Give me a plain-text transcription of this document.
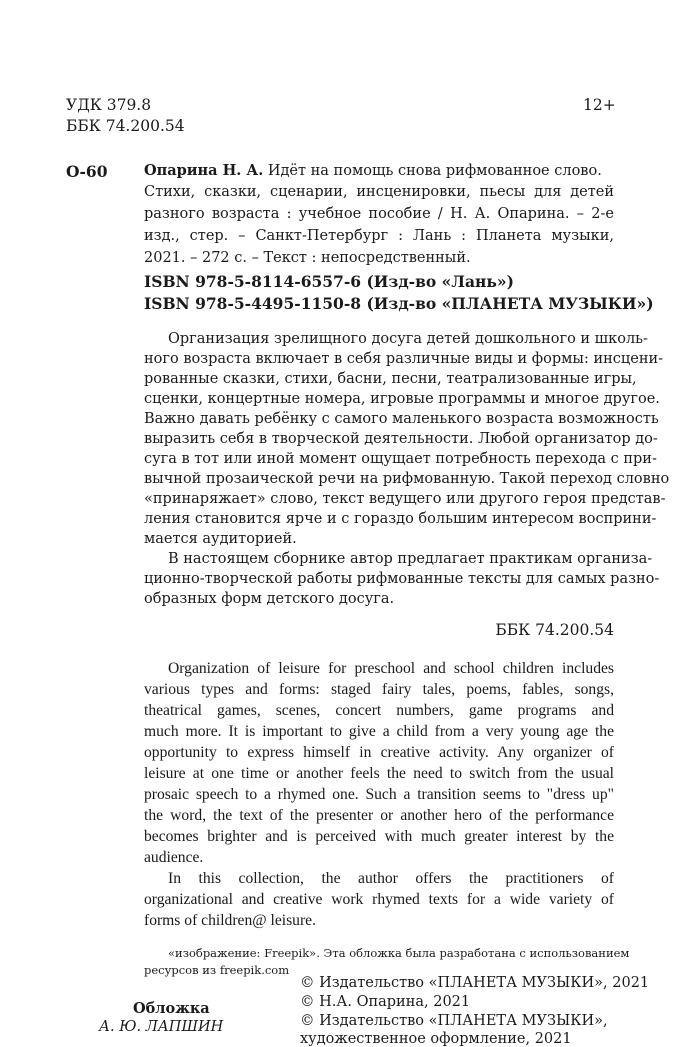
УДК 379.8
ББК 74.200.54
12+
О-60	Опарина Н. А. Идёт на помощь снова рифмованное слово.
Стихи, сказки, сценарии, инсценировки, пьесы для детей
разного возраста : учебное пособие / Н. А. Опарина. – 2-е
изд., стер. – Санкт-Петербург : Лань : Планета музыки,
2021. – 272 с. – Текст : непосредственный.
ISBN 978-5-8114-6557-6 (Изд-во «Лань»)
ISBN 978-5-4495-1150-8 (Изд-во «ПЛАНЕТА МУЗЫКИ»)
Организация зрелищного досуга детей дошкольного и школь-
ного возраста включает в себя различные виды и формы: инсцени-
рованные сказки, стихи, басни, песни, театрализованные игры,
сценки, концертные номера, игровые программы и многое другое.
Важно давать ребёнку с самого маленького возраста возможность
выразить себя в творческой деятельности. Любой организатор до-
суга в тот или иной момент ощущает потребность перехода с при-
вычной прозаической речи на рифмованную. Такой переход словно
«принаряжает» слово, текст ведущего или другого героя представ-
ления становится ярче и с гораздо большим интересом восприни-
мается аудиторией.
В настоящем сборнике автор предлагает практикам организа-
ционно-творческой работы рифмованные тексты для самых разно-
образных форм детского досуга.
ББК 74.200.54
Organization of leisure for preschool and school children includes
various types and forms: staged fairy tales, poems, fables, songs,
theatrical games, scenes, concert numbers, game programs and
much more. It is important to give a child from a very young age the
opportunity to express himself in creative activity. Any organizer of
leisure at one time or another feels the need to switch from the usual
prosaic speech to a rhymed one. Such a transition seems to "dress up"
the word, the text of the presenter or another hero of the performance
becomes brighter and is perceived with much greater interest by the
audience.
In this collection, the author offers the practitioners of
organizational and creative work rhymed texts for a wide variety of
forms of children@ leisure.
«изображение: Freepik». Эта обложка была разработана с использованием
ресурсов из freepik.com
Обложка
А. Ю. ЛАПШИН
© Издательство «ПЛАНЕТА МУЗЫКИ», 2021
© Н.А. Опарина, 2021
© Издательство «ПЛАНЕТА МУЗЫКИ»,
художественное оформление, 2021
